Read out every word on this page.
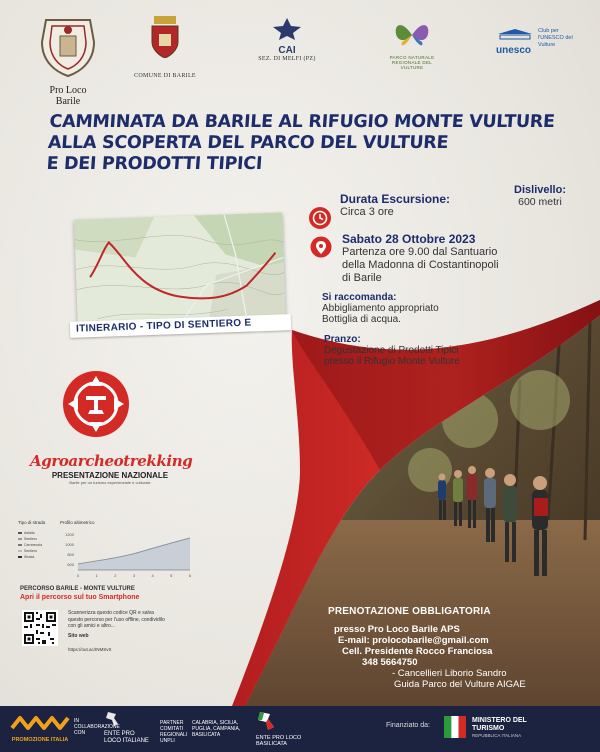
Pro Loco
Barile
COMUNE DI BARILE
CAI
SEZ. DI MELFI (PZ)	PARCO NATURALE REGIONALE DEL VULTURE
unesco
Club per l'UNESCO del Vulture
CAMMINATA DA BARILE AL RIFUGIO MONTE VULTURE
ALLA SCOPERTA DEL PARCO DEL VULTURE
E DEI PRODOTTI TIPICI
ITINERARIO - TIPO DI SENTIERO E
Durata Escursione:
Circa 3 ore
Dislivello:
600 metri
Sabato 28 Ottobre 2023
Partenza ore 9.00 dal Santuario
della Madonna di Costantinopoli
di Barile
Si raccomanda:
Abbigliamento appropriato
Bottiglia di acqua.
Pranzo:
Degustazione di Prodotti Tipici
presso il Rifugio Monte Vulture
Agroarcheotrekking
PRESENTAZIONE NAZIONALE
Barile per un turismo esperienziale e culturale
Tipo di strada	Profilo altimetrico
Asfalto
Sentiero
Carrareccia
Sentiero
Strada
1200
1000
800
600
0	1	2	3	4	5	6
PERCORSO BARILE - MONTE VULTURE
Apri il percorso sul tuo Smartphone
Scannerizza questo codice QR e salva questo percorso per l'uso offline, condividilo con gli amici e altro...
Sito web
https://out.ac/INMSvX
PRENOTAZIONE OBBLIGATORIA
presso Pro Loco Barile APS
E-mail: prolocobarile@gmail.com
Cell. Presidente Rocco Franciosa
348 5664750
- Cancellieri Liborio Sandro
Guida Parco del Vulture AIGAE
PROMOZIONE ITALIA
IN COLLABORAZIONE CON	ENTE PRO LOCO ITALIANE
PARTNER COMITATI REGIONALI UNPLI
CALABRIA, SICILIA, PUGLIA, CAMPANIA, BASILICATA	ENTE PRO LOCO BASILICATA
Finanziato da:
MINISTERO DEL TURISMO
REPUBBLICA ITALIANA
